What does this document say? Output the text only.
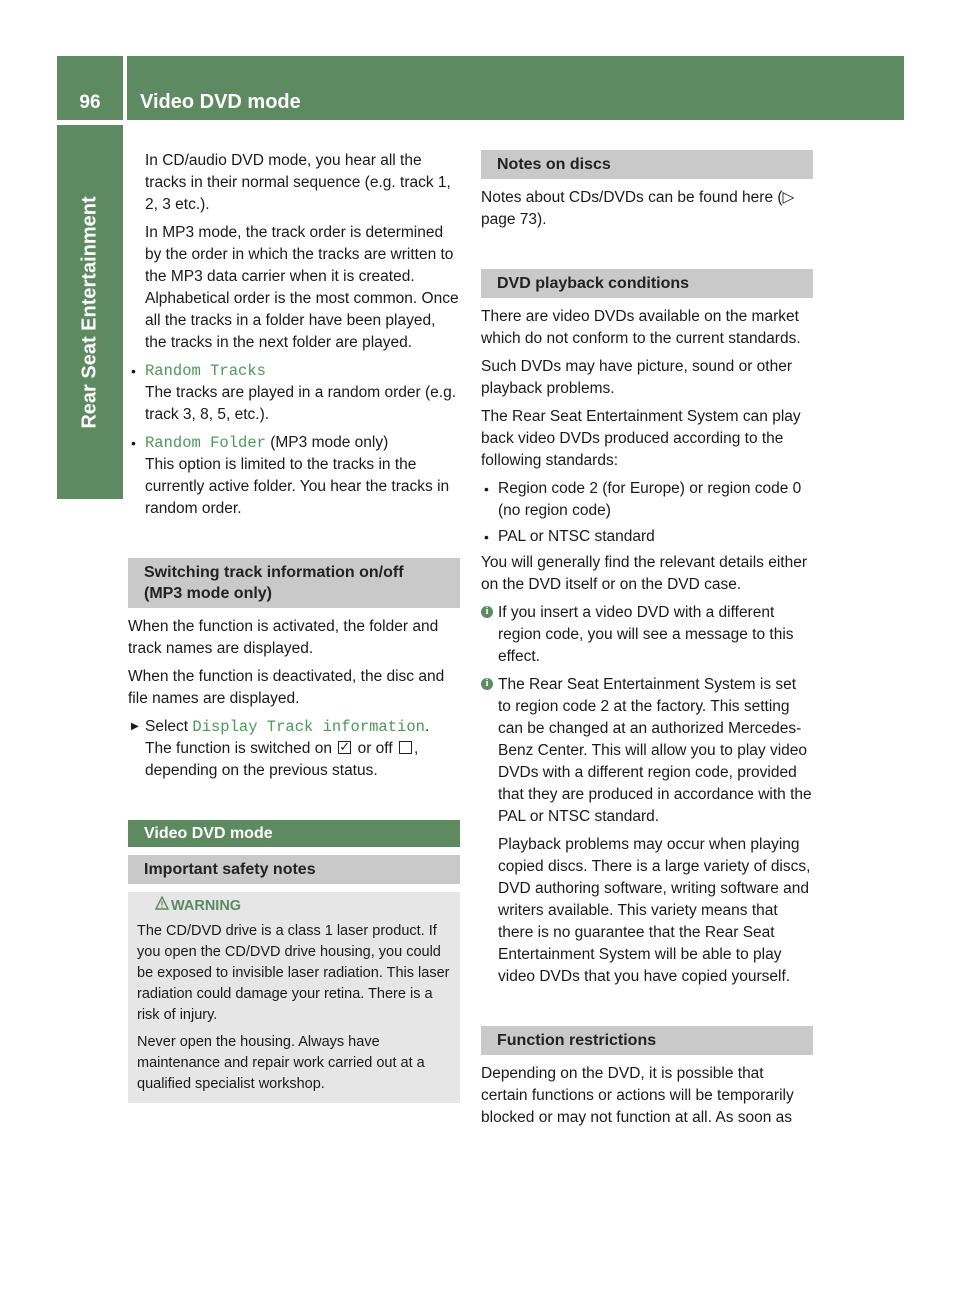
96	Video DVD mode
Rear Seat Entertainment

In CD/audio DVD mode, you hear all the tracks in their normal sequence (e.g. track 1, 2, 3 etc.).

In MP3 mode, the track order is determined by the order in which the tracks are written to the MP3 data carrier when it is created. Alphabetical order is the most common. Once all the tracks in a folder have been played, the tracks in the next folder are played.

• Random Tracks

The tracks are played in a random order (e.g. track 3, 8, 5, etc.).

• Random Folder (MP3 mode only)

This option is limited to the tracks in the currently active folder. You hear the tracks in random order.

Switching track information on/off (MP3 mode only)

When the function is activated, the folder and track names are displayed.

When the function is deactivated, the disc and file names are displayed.

▶ Select Display Track information.

The function is switched on ✓ or off ,
depending on the previous status.

Video DVD mode
Important safety notes
WARNING

The CD/DVD drive is a class 1 laser product. If you open the CD/DVD drive housing, you could be exposed to invisible laser radiation. This laser radiation could damage your retina. There is a risk of injury.

Never open the housing. Always have maintenance and repair work carried out at a qualified specialist workshop.

Notes on discs

Notes about CDs/DVDs can be found here (▷ page 73).

DVD playback conditions

There are video DVDs available on the market which do not conform to the current standards.

Such DVDs may have picture, sound or other playback problems.

The Rear Seat Entertainment System can play back video DVDs produced according to the following standards:

• Region code 2 (for Europe) or region code 0 (no region code)
• PAL or NTSC standard

You will generally find the relevant details either on the DVD itself or on the DVD case.

i If you insert a video DVD with a different region code, you will see a message to this effect.
i The Rear Seat Entertainment System is set to region code 2 at the factory. This setting can be changed at an authorized Mercedes-Benz Center. This will allow you to play video DVDs with a different region code, provided that they are produced in accordance with the PAL or NTSC standard.

Playback problems may occur when playing copied discs. There is a large variety of discs, DVD authoring software, writing software and writers available. This variety means that there is no guarantee that the Rear Seat Entertainment System will be able to play video DVDs that you have copied yourself.

Function restrictions

Depending on the DVD, it is possible that certain functions or actions will be temporarily blocked or may not function at all. As soon as
